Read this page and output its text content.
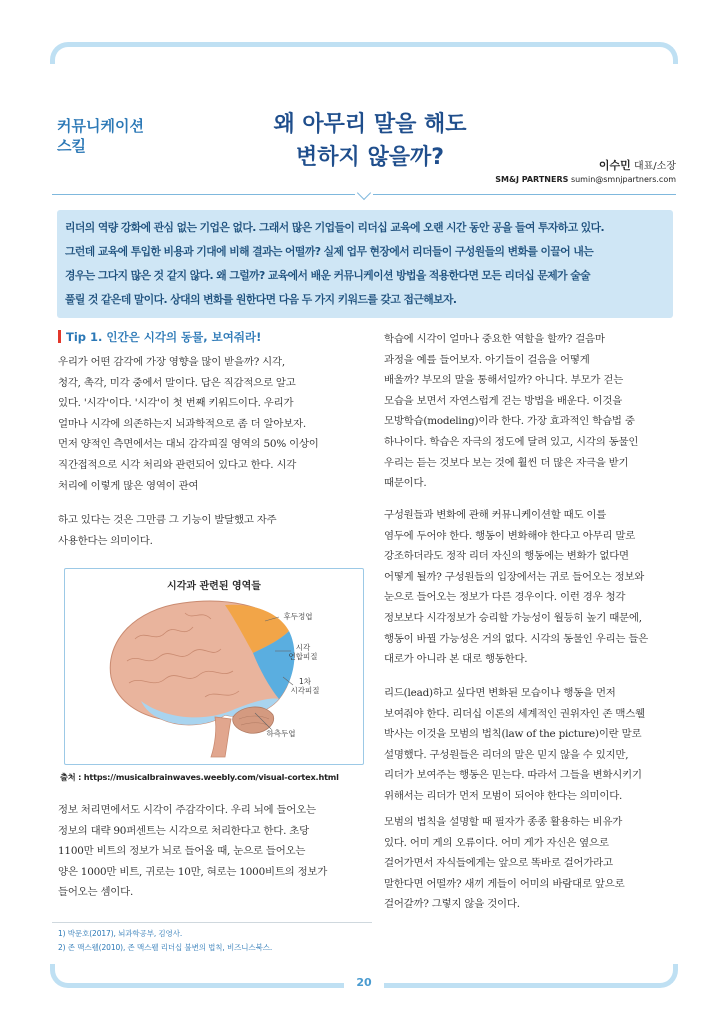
20
커뮤니케이션
스킬
왜 아무리 말을 해도
변하지 않을까?	이수민 대표/소장
SM&J PARTNERS sumin@smnjpartners.com
리더의 역량 강화에 관심 없는 기업은 없다. 그래서 많은 기업들이 리더십 교육에 오랜 시간 동안 공을 들여 투자하고 있다.
그런데 교육에 투입한 비용과 기대에 비해 결과는 어떨까? 실제 업무 현장에서 리더들이 구성원들의 변화를 이끌어 내는
경우는 그다지 많은 것 같지 않다. 왜 그럴까? 교육에서 배운 커뮤니케이션 방법을 적용한다면 모든 리더십 문제가 술술
풀릴 것 같은데 말이다. 상대의 변화를 원한다면 다음 두 가지 키워드를 갖고 접근해보자.
Tip 1. 인간은 시각의 동물, 보여줘라!
우리가 어떤 감각에 가장 영향을 많이 받을까? 시각,
청각, 촉각, 미각 중에서 말이다. 답은 직감적으로 알고
있다. '시각'이다. '시각'이 첫 번째 키워드이다. 우리가
얼마나 시각에 의존하는지 뇌과학적으로 좀 더 알아보자.
먼저 양적인 측면에서는 대뇌 감각피질 영역의 50% 이상이
직간접적으로 시각 처리와 관련되어 있다고 한다. 시각
처리에 이렇게 많은 영역이 관여
하고 있다는 것은 그만큼 그 기능이 발달했고 자주
사용한다는 의미이다.
시각과 관련된 영역들
후두정엽
시각
연합피질
1차
시각피질
하측두엽
출처 : https://musicalbrainwaves.weebly.com/visual-cortex.html
정보 처리면에서도 시각이 주감각이다. 우리 뇌에 들어오는
정보의 대략 90퍼센트는 시각으로 처리한다고 한다. 초당
1100만 비트의 정보가 뇌로 들어올 때, 눈으로 들어오는
양은 1000만 비트, 귀로는 10만, 혀로는 1000비트의 정보가
들어오는 셈이다.
학습에 시각이 얼마나 중요한 역할을 할까? 걸음마
과정을 예를 들어보자. 아기들이 걸음을 어떻게
배울까? 부모의 말을 통해서일까? 아니다. 부모가 걷는
모습을 보면서 자연스럽게 걷는 방법을 배운다. 이것을
모방학습(modeling)이라 한다. 가장 효과적인 학습법 중
하나이다. 학습은 자극의 정도에 달려 있고, 시각의 동물인
우리는 듣는 것보다 보는 것에 훨씬 더 많은 자극을 받기
때문이다.
구성원들과 변화에 관해 커뮤니케이션할 때도 이를
염두에 두어야 한다. 행동이 변화해야 한다고 아무리 말로
강조하더라도 정작 리더 자신의 행동에는 변화가 없다면
어떻게 될까? 구성원들의 입장에서는 귀로 들어오는 정보와
눈으로 들어오는 정보가 다른 경우이다. 이런 경우 청각
정보보다 시각정보가 승리할 가능성이 월등히 높기 때문에,
행동이 바뀔 가능성은 거의 없다. 시각의 동물인 우리는 들은
대로가 아니라 본 대로 행동한다.
리드(lead)하고 싶다면 변화된 모습이나 행동을 먼저
보여줘야 한다. 리더십 이론의 세계적인 권위자인 존 맥스웰
박사는 이것을 모범의 법칙(law of the picture)이란 말로
설명했다. 구성원들은 리더의 말은 믿지 않을 수 있지만,
리더가 보여주는 행동은 믿는다. 따라서 그들을 변화시키기
위해서는 리더가 먼저 모범이 되어야 한다는 의미이다.
모범의 법칙을 설명할 때 필자가 종종 활용하는 비유가
있다. 어미 게의 오류이다. 어미 게가 자신은 옆으로
걸어가면서 자식들에게는 앞으로 똑바로 걸어가라고
말한다면 어떨까? 새끼 게들이 어미의 바람대로 앞으로
걸어갈까? 그렇지 않을 것이다.
1) 박문호(2017), 뇌과학공부, 김영사.
2) 존 맥스웰(2010), 존 맥스웰 리더십 불변의 법칙, 비즈니스북스.
